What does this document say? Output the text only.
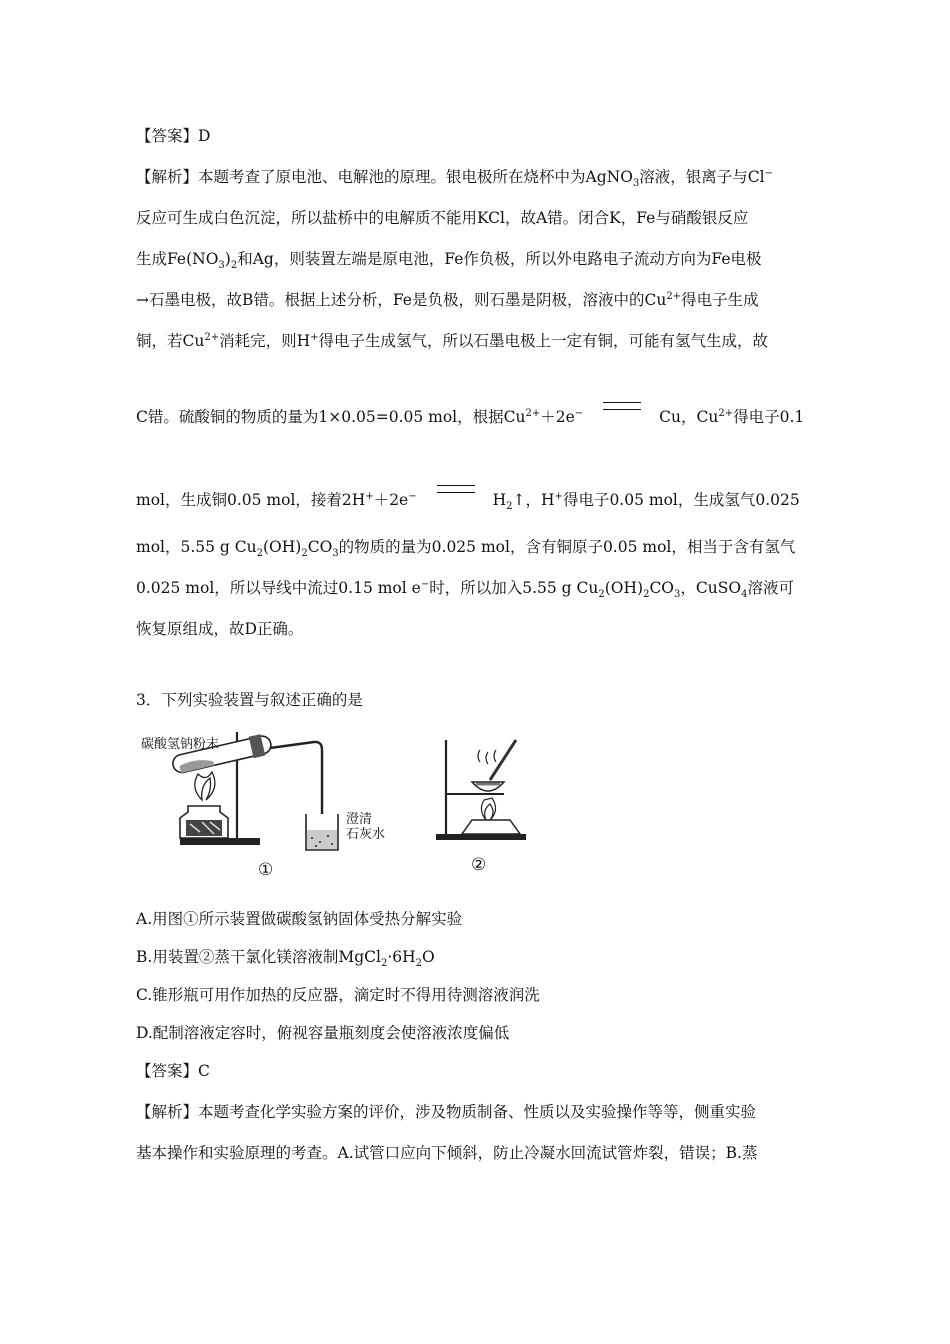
【答案】D
【解析】本题考查了原电池、电解池的原理。银电极所在烧杯中为AgNO$_3$溶液，银离子与Cl−
反应可生成白色沉淀，所以盐桥中的电解质不能用KCl，故A错。闭合K，Fe与硝酸银反应
生成$Fe(NO_3)_2$和Ag，则装置左端是原电池，Fe作负极，所以外电路电子流动方向为Fe电极
→石墨电极，故B错。根据上述分析，Fe是负极，则石墨是阴极，溶液中的$Cu^{2+}$得电子生成
铜，若$Cu^{2+}$消耗完，则H+得电子生成氢气，所以石墨电极上一定有铜，可能有氢气生成，故
C错。硫酸铜的物质的量为1×0.05=0.05 mol，根据$Cu^{2+}+2e^-$	Cu，$Cu^{2+}$得电子0.1
mol，生成铜0.05 mol，接着2H+＋2e−	$H_2↑$，H+得电子0.05 mol，生成氢气0.025
mol，5.55 g $Cu_2(OH)_2CO_3$的物质的量为0.025 mol，含有铜原子0.05 mol，相当于含有氢气
0.025 mol，所以导线中流过0.15 mol e−时，所以加入5.55 g $Cu_2(OH)_2CO_3$，CuSO$_4$溶液可
恢复原组成，故D正确。
3．下列实验装置与叙述正确的是
碳酸氢钠粉末
澄清
石灰水
①	②
A.用图①所示装置做碳酸氢钠固体受热分解实验
B.用装置②蒸干氯化镁溶液制$MgCl_2\cdot 6H_2O$
C.锥形瓶可用作加热的反应器，滴定时不得用待测溶液润洗
D.配制溶液定容时，俯视容量瓶刻度会使溶液浓度偏低
【答案】C
【解析】本题考查化学实验方案的评价，涉及物质制备、性质以及实验操作等等，侧重实验
基本操作和实验原理的考查。A.试管口应向下倾斜，防止冷凝水回流试管炸裂，错误；B.蒸
